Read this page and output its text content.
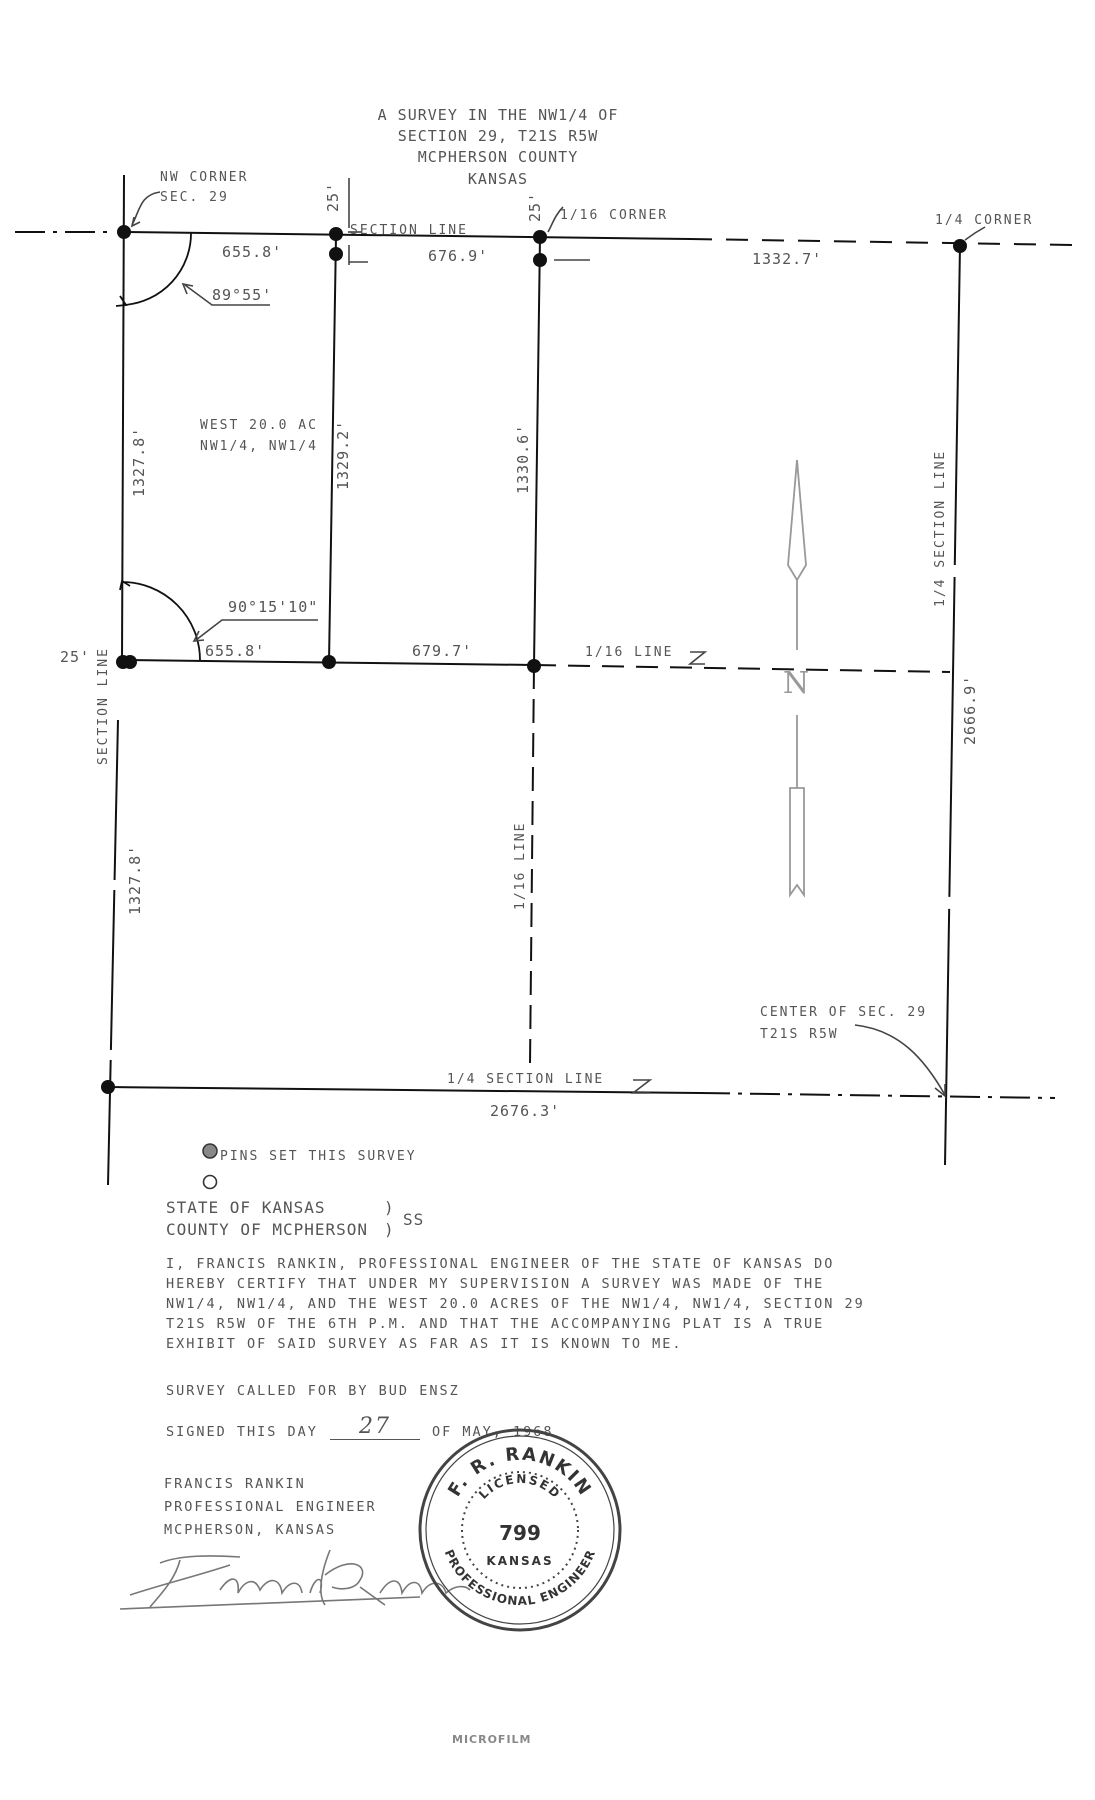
N
A SURVEY IN THE NW1/4 OF
SECTION 29, T21S R5W
MCPHERSON COUNTY
KANSAS
NW CORNER
SEC. 29	25'
SECTION LINE
25' 1/16 CORNER	1/4 CORNER
655.8'	676.9'	1332.7'
89°55'
WEST 20.0 AC
NW1/4, NW1/4
1327.8'	1329.2'	1330.6'	1/4 SECTION LINE
90°15'10"
25'	655.8'	679.7'	1/16 LINE
SECTION LINE	2666.9'
1327.8'	1/16 LINE
CENTER OF SEC. 29
T21S R5W
1/4 SECTION LINE
2676.3'
PINS SET THIS SURVEY
STATE OF KANSAS
COUNTY OF MCPHERSON
)
)
SS
I, FRANCIS RANKIN, PROFESSIONAL ENGINEER OF THE STATE OF KANSAS DO
HEREBY CERTIFY THAT UNDER MY SUPERVISION A SURVEY WAS MADE OF THE
NW1/4, NW1/4, AND THE WEST 20.0 ACRES OF THE NW1/4, NW1/4, SECTION 29
T21S R5W OF THE 6TH P.M. AND THAT THE ACCOMPANYING PLAT IS A TRUE
EXHIBIT OF SAID SURVEY AS FAR AS IT IS KNOWN TO ME.
SURVEY CALLED FOR BY BUD ENSZ
SIGNED THIS DAY	27	OF MAY, 1968
FRANCIS RANKIN
PROFESSIONAL ENGINEER
MCPHERSON, KANSAS
F. R. RANKIN
LICENSED
799
KANSAS
PROFESSIONAL ENGINEER
MICROFILM
